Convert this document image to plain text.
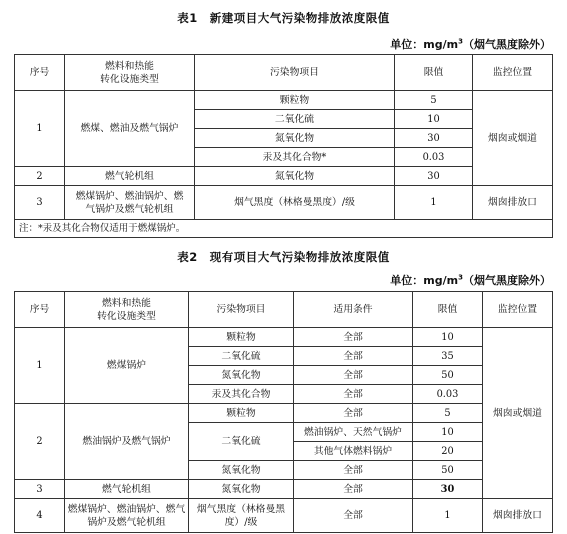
表1　新建项目大气污染物排放浓度限值
单位：$mg/m^3$（烟气黑度除外）
序号	燃料和热能
转化设施类型	污染物项目	限值	监控位置
1	燃煤、燃油及燃气锅炉	颗粒物	5	烟囱或烟道
		二氧化硫	10	
		氮氧化物	30	
		汞及其化合物*	0.03	
2	燃气轮机组	氮氧化物	30	
3	燃煤锅炉、燃油锅炉、燃
气锅炉及燃气轮机组	烟气黑度（林格曼黑度）/级	1	烟囱排放口
注：*汞及其化合物仅适用于燃煤锅炉。				
表2　现有项目大气污染物排放浓度限值
单位：$mg/m^3$（烟气黑度除外）
序号	燃料和热能
转化设施类型	污染物项目	适用条件	限值	监控位置
1	燃煤锅炉	颗粒物	全部	10	烟囱或烟道
		二氧化硫	全部	35	
		氮氧化物	全部	50	
		汞及其化合物	全部	0.03	
2	燃油锅炉及燃气锅炉	颗粒物	全部	5	
		二氧化硫	燃油锅炉、天然气锅炉	10	
			其他气体燃料锅炉	20	
		氮氧化物	全部	50	
3	燃气轮机组	氮氧化物	全部	30	
4	燃煤锅炉、燃油锅炉、燃气
锅炉及燃气轮机组	烟气黑度（林格曼黑
度）/级	全部	1	烟囱排放口
